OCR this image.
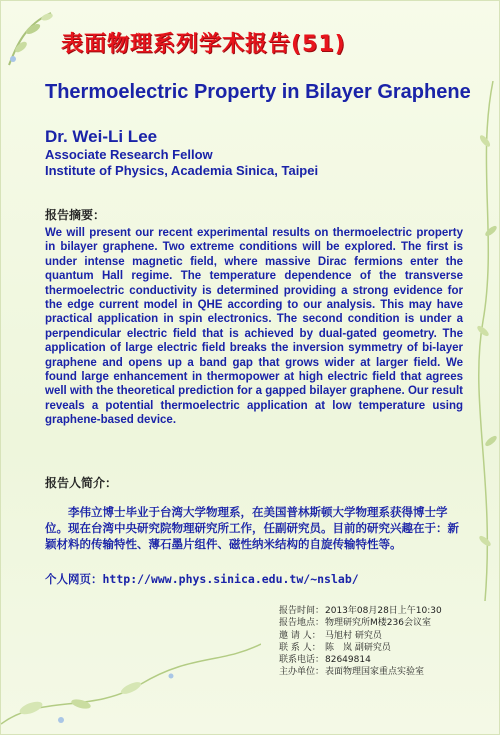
表面物理系列学术报告(51)
Thermoelectric Property in Bilayer Graphene
Dr. Wei-Li Lee
Associate Research Fellow
Institute of Physics, Academia Sinica, Taipei
报告摘要：
We will present our recent experimental results on thermoelectric property in bilayer graphene. Two extreme conditions will be explored. The first is under intense magnetic field, where massive Dirac fermions enter the quantum Hall regime. The temperature dependence of the transverse thermoelectric conductivity is determined providing a strong evidence for the edge current model in QHE according to our analysis. This may have practical application in spin electronics. The second condition is under a perpendicular electric field that is achieved by dual-gated geometry. The application of large electric field breaks the inversion symmetry of bi-layer graphene and opens up a band gap that grows wider at larger field. We found large enhancement in thermopower at high electric field that agrees well with the theoretical prediction for a gapped bilayer graphene. Our result reveals a potential thermoelectric application at low temperature using graphene-based device.
报告人简介：
李伟立博士毕业于台湾大学物理系，在美国普林斯顿大学物理系获得博士学位。现在台湾中央研究院物理研究所工作，任副研究员。目前的研究兴趣在于：新颖材料的传输特性、薄石墨片组件、磁性纳米结构的自旋传输特性等。
个人网页：http://www.phys.sinica.edu.tw/~nslab/
报告时间：2013年08月28日上午10:30
报告地点：物理研究所M楼236会议室
邀 请 人： 马旭村 研究员
联 系 人： 陈　岚 副研究员
联系电话：82649814
主办单位：表面物理国家重点实验室
